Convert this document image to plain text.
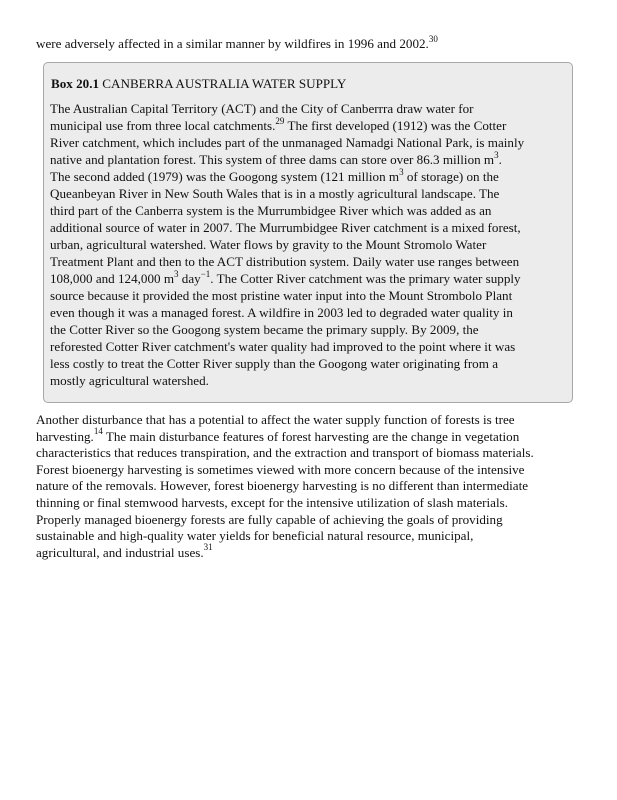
were adversely affected in a similar manner by wildfires in 1996 and 2002.30
Box 20.1 CANBERRA AUSTRALIA WATER SUPPLY
The Australian Capital Territory (ACT) and the City of Canberrra draw water for
municipal use from three local catchments.$^{29}$ The first developed (1912) was the Cotter
River catchment, which includes part of the unmanaged Namadgi National Park, is mainly
native and plantation forest. This system of three dams can store over 86.3 million $m^3$.
The second added (1979) was the Googong system (121 million $m^3$ of storage) on the
Queanbeyan River in New South Wales that is in a mostly agricultural landscape. The
third part of the Canberra system is the Murrumbidgee River which was added as an
additional source of water in 2007. The Murrumbidgee River catchment is a mixed forest,
urban, agricultural watershed. Water flows by gravity to the Mount Stromolo Water
Treatment Plant and then to the ACT distribution system. Daily water use ranges between
108,000 and 124,000 $m^3$ day$^{-1}$. The Cotter River catchment was the primary water supply
source because it provided the most pristine water input into the Mount Strombolo Plant
even though it was a managed forest. A wildfire in 2003 led to degraded water quality in
the Cotter River so the Googong system became the primary supply. By 2009, the
reforested Cotter River catchment's water quality had improved to the point where it was
less costly to treat the Cotter River supply than the Googong water originating from a
mostly agricultural watershed.
Another disturbance that has a potential to affect the water supply function of forests is tree
harvesting.$^{14}$ The main disturbance features of forest harvesting are the change in vegetation
characteristics that reduces transpiration, and the extraction and transport of biomass materials.
Forest bioenergy harvesting is sometimes viewed with more concern because of the intensive
nature of the removals. However, forest bioenergy harvesting is no different than intermediate
thinning or final stemwood harvests, except for the intensive utilization of slash materials.
Properly managed bioenergy forests are fully capable of achieving the goals of providing
sustainable and high-quality water yields for beneficial natural resource, municipal,
agricultural, and industrial uses.$^{31}$
